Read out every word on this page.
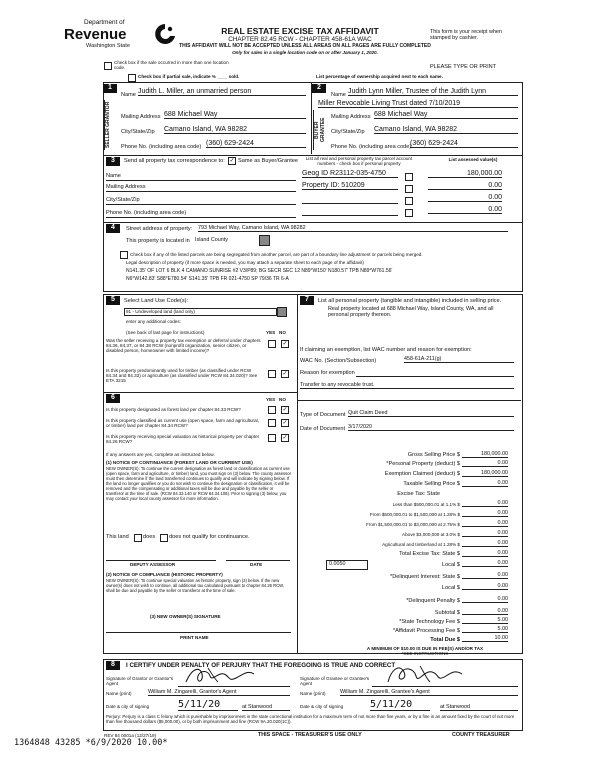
Department of
Revenue
Washington State
REAL ESTATE EXCISE TAX AFFIDAVIT
CHAPTER 82.45 RCW - CHAPTER 458-61A WAC
THIS AFFIDAVIT WILL NOT BE ACCEPTED UNLESS ALL AREAS ON ALL PAGES ARE FULLY COMPLETED
Only for sales in a single location code on or after January 1, 2020.
This form is your receipt when stamped by cashier.
Check box if the sale occurred in more than one location code.	PLEASE TYPE OR PRINT
Check box if partial sale, indicate % ____ sold.	List percentage of ownership acquired next to each name.
1
SELLER GRANTOR
Name Judith L. Miller, an unmarried person
Mailing Address 688 Michael Way
City/State/Zip Camano Island, WA 98282
Phone No. (including area code) (360) 629-2424
2
BUYER GRANTEE
Name Judith Lynn Miller, Trustee of the Judith Lynn
Miller Revocable Living Trust dated 7/10/2019
Mailing Address 688 Michael Way
City/State/Zip Camano Island, WA 98282
Phone No. (including area code)
(360) 629-2424
3	Send all property tax correspondence to: ✓ Same as Buyer/Grantee	List all real and personal property tax parcel account numbers - check box if personal property
List assessed value(s)
Name
Mailing Address
City/State/Zip
Phone No. (including area code)
Geog ID R23112-035-4750	180,000.00
Property ID: 510209	0.00
0.00
0.00
4	Street address of property: 793 Michael Way, Camano Island, WA 98282
This property is located in Island County
Check box if any of the listed parcels are being segregated from another parcel, are part of a boundary line adjustment or parcels being merged.
Legal description of property (if more space is needed, you may attach a separate sheet to each page of the affidavit)
N141.35' OF LOT 6 BLK 4 CAMANO SUNRISE #2 V3/P89; BG SECR SEC 12 N89°W150' N180.57' TPB N89°W761.56'
N6°W142.83' S88°E780.54' S141.35' TPB FR 021-4750 SP 79/36 TR 6-A
5	Select Land Use Code(s):
91 - Undeveloped land (land only)
enter any additional codes:
(See back of last page for instructions)	YES NO
Was the seller receiving a property tax exemption or deferral under chapters 84.36, 84.37, or 84.38 RCW (nonprofit organization, senior citizen, or disabled person, homeowner with limited income)?
✓
Is this property predominantly used for timber (as classified under RCW 84.34 and 84.33) or agriculture (as classified under RCW 84.34.020)? See ETA 3215
✓
6	YES NO
Is this property designated as forest land per chapter 84.33 RCW?	✓
Is this property classified as current use (open space, farm and agricultural, or timber) land per chapter 84.34 RCW?	✓
Is this property receiving special valuation as historical property per chapter 84.26 RCW?
✓
If any answers are yes, complete as instructed below.
(1) NOTICE OF CONTINUANCE (FOREST LAND OR CURRENT USE)
NEW OWNER(S): To continue the current designation as forest land or classification as current use (open space, farm and agriculture, or timber) land, you must sign on (3) below. The county assessor must then determine if the land transferred continues to qualify and will indicate by signing below. If the land no longer qualifies or you do not wish to continue the designation or classification, it will be removed and the compensating or additional taxes will be due and payable by the seller or transferor at the time of sale. (RCW 84.33.140 or RCW 84.34.108). Prior to signing (3) below, you may contact your local county assessor for more information.
This land	does does not qualify for continuance.
DEPUTY ASSESSOR	DATE
(2) NOTICE OF COMPLIANCE (HISTORIC PROPERTY)
NEW OWNER(S): To continue special valuation as historic property, sign (3) below. If the new owner(s) does not wish to continue, all additional tax calculated pursuant to chapter 84.26 RCW, shall be due and payable by the seller or transferor at the time of sale.
(3) NEW OWNER(S) SIGNATURE
PRINT NAME
7	List all personal property (tangible and intangible) included in selling price.
Real property located at 688 Michael Way, Island County, WA, and all personal property thereon.
If claiming an exemption, list WAC number and reason for exemption:
WAC No. (Section/Subsection)	458-61A-211(g)
Reason for exemption
Transfer to any revocable trust.
Type of Document Quit Claim Deed
Date of Document 3/17/2020
Gross Selling Price $	180,000.00
*Personal Property (deduct) $	0.00
Exemption Claimed (deduct) $	180,000.00
Taxable Selling Price $	0.00
Excise Tax: State
Less than $500,000.01 at 1.1% $	0.00
From $500,000.01 to $1,500,000 at 1.28% $	0.00
From $1,500,000.01 to $3,000,000 at 2.75% $	0.00
Above $3,000,000 at 3.0% $	0.00
Agricultural and timberland at 1.28% $	0.00
Total Excise Tax: State $	0.00
0.0050	Local $	0.00
*Delinquent Interest: State $	0.00
Local $	0.00
*Delinquent Penalty $	0.00
Subtotal $	0.00
*State Technology Fee $	5.00
*Affidavit Processing Fee $	5.00
Total Due $	10.00
A MINIMUM OF $10.00 IS DUE IN FEE(S) AND/OR TAX
*SEE INSTRUCTIONS
8	I CERTIFY UNDER PENALTY OF PERJURY THAT THE FOREGOING IS TRUE AND CORRECT
Signature of Grantor or Grantor's Agent
Name (print)	William M. Zingarelli, Grantor's Agent
Date & city of signing	5/11/20	at Stanwood
Signature of Grantee or Grantee's Agent
Name (print)	William M. Zingarelli, Grantee's Agent
Date & city of signing	5/11/20	at Stanwood
Perjury: Perjury is a class C felony which is punishable by imprisonment in the state correctional institution for a maximum term of not more than five years, or by a fine in an amount fixed by the court of not more than five thousand dollars ($5,000.00), or by both imprisonment and fine (RCW 9A.20.020(1C)).
1364848 43285 *6/9/2020 10.00*
THIS SPACE - TREASURER'S USE ONLY	COUNTY TREASURER
REV 84 0001a (12/27/19)
